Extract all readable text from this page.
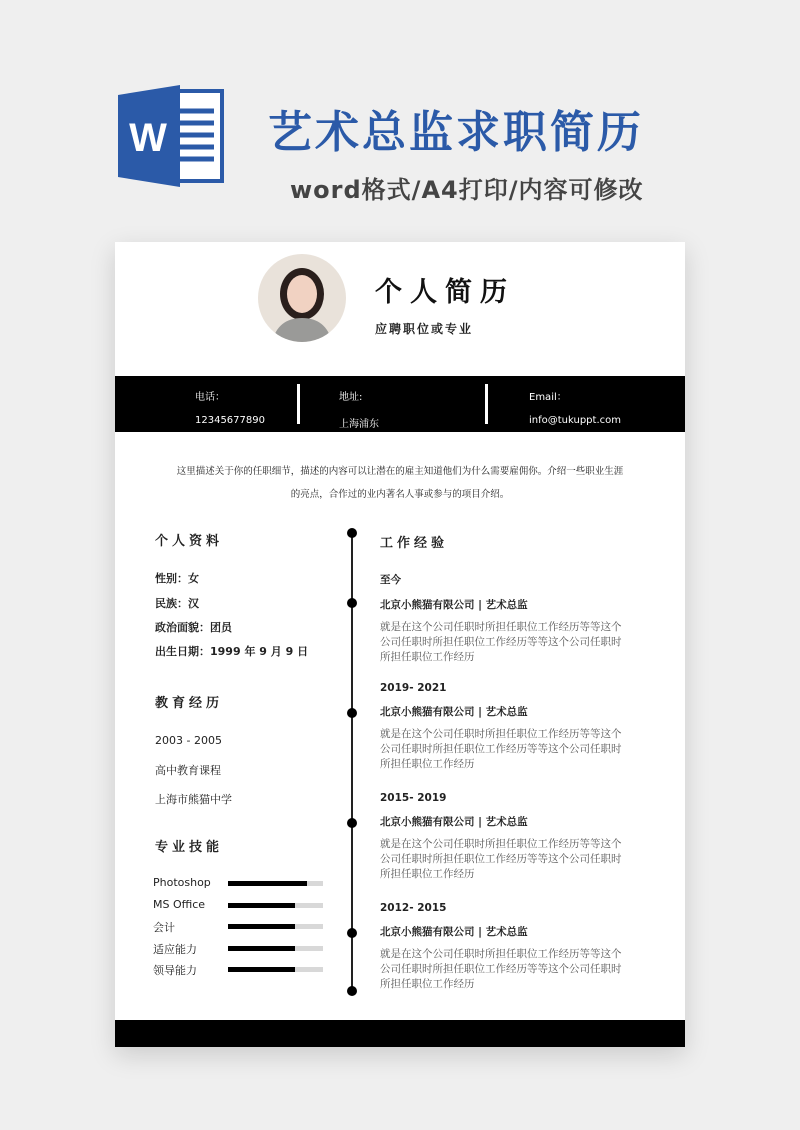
W 艺术总监求职简历
word格式/A4打印/内容可修改
个人简历
应聘职位或专业
电话：
12345677890
地址:
上海浦东
Email：
info@tukuppt.com
这里描述关于你的任职细节，描述的内容可以让潜在的雇主知道他们为什么需要雇佣你。介绍一些职业生涯
的亮点，合作过的业内著名人事或参与的项目介绍。
个人资料
性别：女
民族：汉
政治面貌：团员
出生日期：1999 年 9 月 9 日
教育经历
2003 - 2005
高中教育课程
上海市熊猫中学
专业技能
Photoshop
MS Office
会计
适应能力
领导能力
工作经验
至今
北京小熊猫有限公司 | 艺术总监
就是在这个公司任职时所担任职位工作经历等等这个公司任职时所担任职位工作经历等等这个公司任职时所担任职位工作经历
2019- 2021
北京小熊猫有限公司 | 艺术总监
就是在这个公司任职时所担任职位工作经历等等这个公司任职时所担任职位工作经历等等这个公司任职时所担任职位工作经历
2015- 2019
北京小熊猫有限公司 | 艺术总监
就是在这个公司任职时所担任职位工作经历等等这个公司任职时所担任职位工作经历等等这个公司任职时所担任职位工作经历
2012- 2015
北京小熊猫有限公司 | 艺术总监
就是在这个公司任职时所担任职位工作经历等等这个公司任职时所担任职位工作经历等等这个公司任职时所担任职位工作经历
